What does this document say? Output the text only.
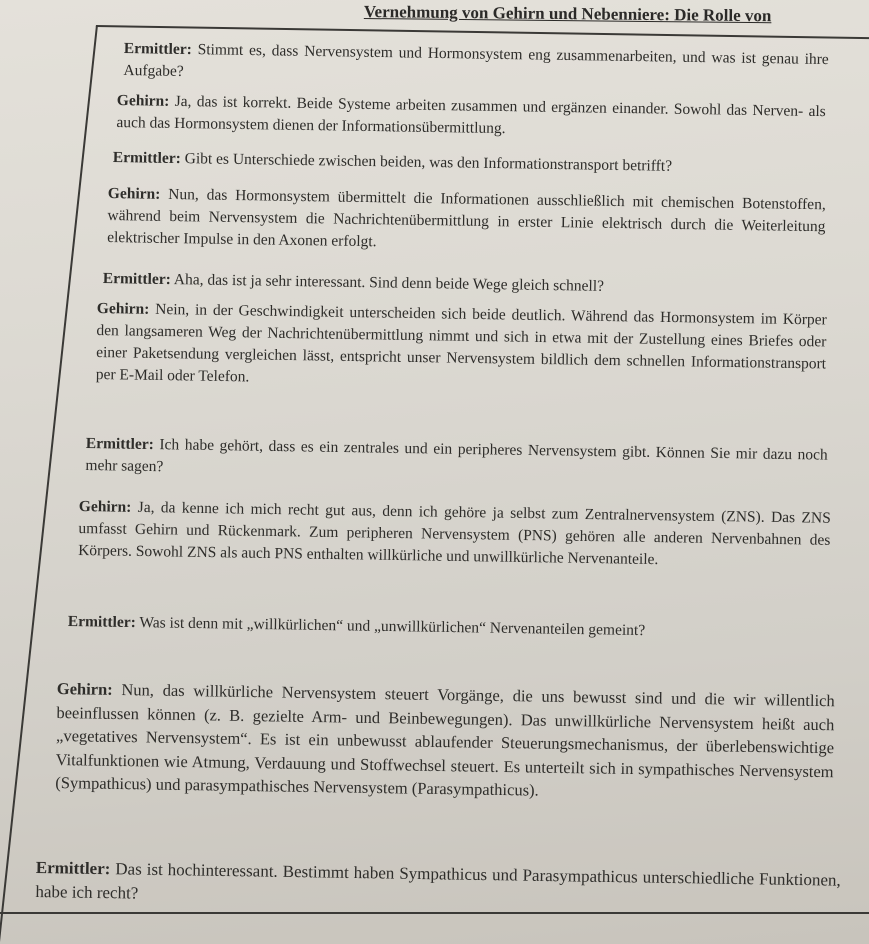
Vernehmung von Gehirn und Nebenniere: Die Rolle von

Ermittler: Stimmt es, dass Nervensystem und Hormonsystem eng zusammenarbeiten, und was ist genau ihre Aufgabe?

Gehirn: Ja, das ist korrekt. Beide Systeme arbeiten zusammen und ergänzen einander. Sowohl das Nerven- als auch das Hormonsystem dienen der Informationsübermittlung.

Ermittler: Gibt es Unterschiede zwischen beiden, was den Informationstransport betrifft?

Gehirn: Nun, das Hormonsystem übermittelt die Informationen ausschließlich mit chemischen Botenstoffen, während beim Nervensystem die Nachrichtenübermittlung in erster Linie elektrisch durch die Weiterleitung elektrischer Impulse in den Axonen erfolgt.

Ermittler: Aha, das ist ja sehr interessant. Sind denn beide Wege gleich schnell?

Gehirn: Nein, in der Geschwindigkeit unterscheiden sich beide deutlich. Während das Hormonsystem im Körper den langsameren Weg der Nachrichtenübermittlung nimmt und sich in etwa mit der Zustellung eines Briefes oder einer Paketsendung vergleichen lässt, entspricht unser Nervensystem bildlich dem schnellen Informationstransport per E-Mail oder Telefon.

Ermittler: Ich habe gehört, dass es ein zentrales und ein peripheres Nervensystem gibt. Können Sie mir dazu noch mehr sagen?

Gehirn: Ja, da kenne ich mich recht gut aus, denn ich gehöre ja selbst zum Zentralnervensystem (ZNS). Das ZNS umfasst Gehirn und Rückenmark. Zum peripheren Nervensystem (PNS) gehören alle anderen Nervenbahnen des Körpers. Sowohl ZNS als auch PNS enthalten willkürliche und unwillkürliche Nervenanteile.

Ermittler: Was ist denn mit „willkürlichen“ und „unwillkürlichen“ Nervenanteilen gemeint?

Gehirn: Nun, das willkürliche Nervensystem steuert Vorgänge, die uns bewusst sind und die wir willentlich beeinflussen können (z. B. gezielte Arm- und Beinbewegungen). Das unwillkürliche Nervensystem heißt auch „vegetatives Nervensystem“. Es ist ein unbewusst ablaufender Steuerungsmechanismus, der überlebenswichtige Vitalfunktionen wie Atmung, Verdauung und Stoffwechsel steuert. Es unterteilt sich in sympathisches Nervensystem (Sympathicus) und parasympathisches Nervensystem (Parasympathicus).

Ermittler: Das ist hochinteressant. Bestimmt haben Sympathicus und Parasympathicus unterschiedliche Funktionen, habe ich recht?
